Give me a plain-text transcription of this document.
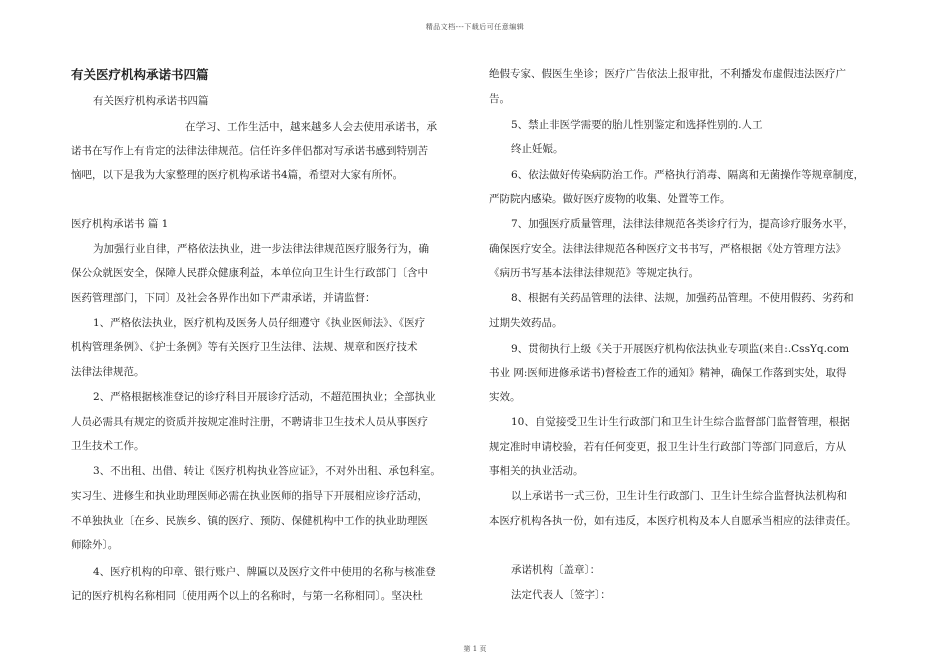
精品文档---下载后可任意编辑
有关医疗机构承诺书四篇
有关医疗机构承诺书四篇
在学习、工作生活中，越来越多人会去使用承诺书，承
诺书在写作上有肯定的法律法律规范。信任许多伴侣都对写承诺书感到特别苦
恼吧，以下是我为大家整理的医疗机构承诺书4篇，希望对大家有所怀。
医疗机构承诺书 篇 1
为加强行业自律，严格依法执业，进一步法律法律规范医疗服务行为，确
保公众就医安全，保障人民群众健康利益，本单位向卫生计生行政部门〔含中
医药管理部门，下同〕及社会各界作出如下严肃承诺，并请监督：
1、严格依法执业，医疗机构及医务人员仔细遵守《执业医师法》、《医疗
机构管理条例》、《护士条例》等有关医疗卫生法律、法规、规章和医疗技术
法律法律规范。
2、严格根据核准登记的诊疗科目开展诊疗活动，不超范围执业；全部执业
人员必需具有规定的资质并按规定准时注册，不聘请非卫生技术人员从事医疗
卫生技术工作。
3、不出租、出借、转让《医疗机构执业答应证》，不对外出租、承包科室。
实习生、进修生和执业助理医师必需在执业医师的指导下开展相应诊疗活动，
不单独执业〔在乡、民族乡、镇的医疗、预防、保健机构中工作的执业助理医
师除外〕。
4、医疗机构的印章、银行账户、牌匾以及医疗文件中使用的名称与核准登
记的医疗机构名称相同〔使用两个以上的名称时，与第一名称相同〕。坚决杜
绝假专家、假医生坐诊；医疗广告依法上报审批，不利播发布虚假违法医疗广
告。
5、禁止非医学需要的胎儿性别鉴定和选择性别的.人工
终止妊娠。
6、依法做好传染病防治工作。严格执行消毒、隔离和无菌操作等规章制度，
严防院内感染。做好医疗废物的收集、处置等工作。
7、加强医疗质量管理，法律法律规范各类诊疗行为，提高诊疗服务水平，
确保医疗安全。法律法律规范各种医疗文书书写，严格根据《处方管理方法》
《病历书写基本法律法律规范》等规定执行。
8、根据有关药品管理的法律、法规，加强药品管理。不使用假药、劣药和
过期失效药品。
9、贯彻执行上级《关于开展医疗机构依法执业专项监(来自:.CssYq.com
书业 网:医师进修承诺书)督检查工作的通知》精神，确保工作落到实处，取得
实效。
10、自觉接受卫生计生行政部门和卫生计生综合监督部门监督管理，根据
规定准时申请校验，若有任何变更，报卫生计生行政部门等部门同意后，方从
事相关的执业活动。
以上承诺书一式三份，卫生计生行政部门、卫生计生综合监督执法机构和
本医疗机构各执一份，如有违反，本医疗机构及本人自愿承当相应的法律责任。
承诺机构〔盖章〕：
法定代表人〔签字〕：
第 1 页
